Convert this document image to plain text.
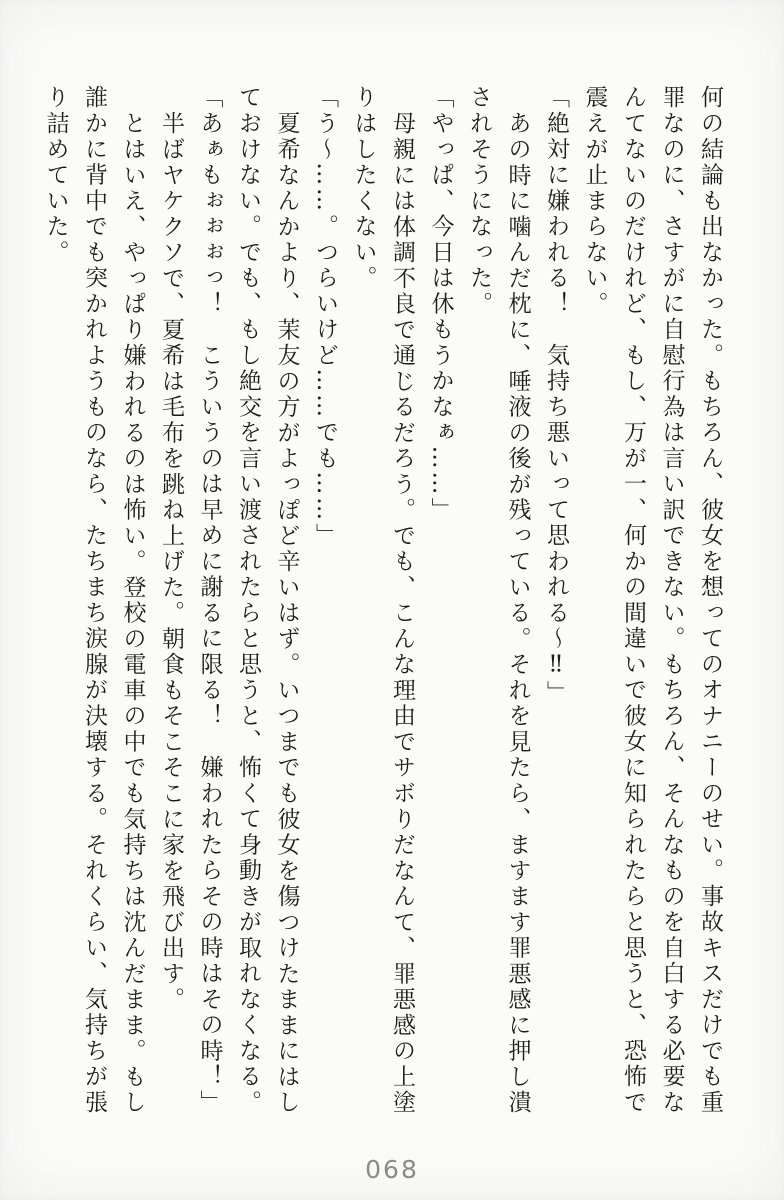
何の結論も出なかった。もちろん、彼女を想ってのオナニーのせい。事故キスだけでも重
罪なのに、さすがに自慰行為は言い訳できない。もちろん、そんなものを自白する必要な
んてないのだけれど、もし、万が一、何かの間違いで彼女に知られたらと思うと、恐怖で
震えが止まらない。
「絶対に嫌われる！　気持ち悪いって思われる～‼」
あの時に噛んだ枕に、唾液の後が残っている。それを見たら、ますます罪悪感に押し潰
されそうになった。
「やっぱ、今日は休もうかなぁ……」
母親には体調不良で通じるだろう。でも、こんな理由でサボりだなんて、罪悪感の上塗
りはしたくない。
「う～……。つらいけど……でも……」
夏希なんかより、茉友の方がよっぽど辛いはず。いつまでも彼女を傷つけたままにはし
ておけない。でも、もし絶交を言い渡されたらと思うと、怖くて身動きが取れなくなる。
「あぁもぉぉぉっ！　こういうのは早めに謝るに限る！　嫌われたらその時はその時！」
半ばヤケクソで、夏希は毛布を跳ね上げた。朝食もそこそこに家を飛び出す。
とはいえ、やっぱり嫌われるのは怖い。登校の電車の中でも気持ちは沈んだまま。もし
誰かに背中でも突かれようものなら、たちまち涙腺が決壊する。それくらい、気持ちが張
り詰めていた。
068
